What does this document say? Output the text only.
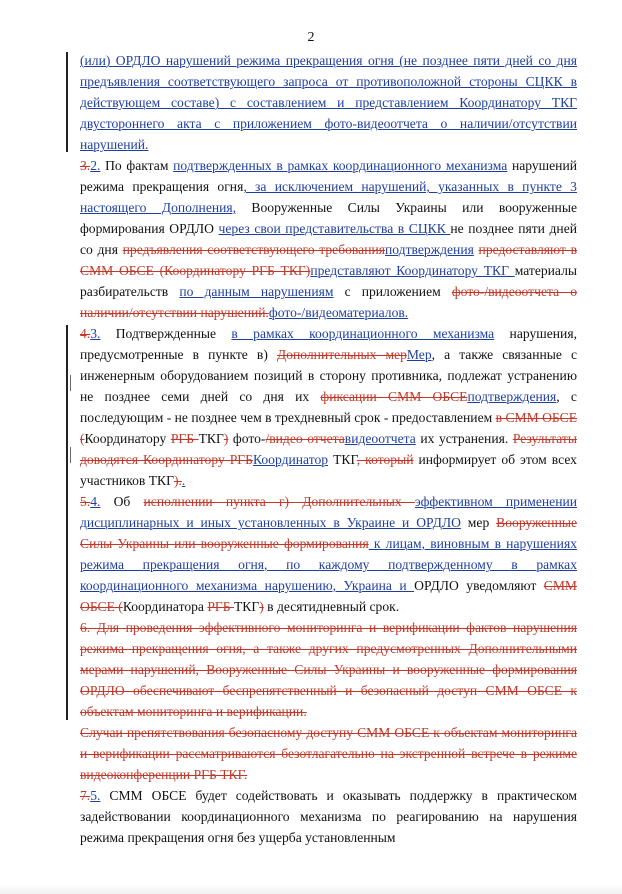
2

(или) ОРДЛО нарушений режима прекращения огня (не позднее пяти дней со дня предъявления соответствующего запроса от противоположной стороны СЦКК в действующем составе) с составлением и представлением Координатору ТКГ двустороннего акта с приложением фото-видеоотчета о наличии/отсутствии нарушений.

3.2. По фактам подтвержденных в рамках координационного механизма нарушений режима прекращения огня, за исключением нарушений, указанных в пункте 3 настоящего Дополнения, Вооруженные Силы Украины или вооруженные формирования ОРДЛО через свои представительства в СЦКК не позднее пяти дней со дня предъявления соответствующего требованияподтверждения предоставляют в СММ ОБСЕ (Координатору РГБ ТКГ)представляют Координатору ТКГ материалы разбирательств по данным нарушениям с приложением фото-/видеоотчета о наличии/отсутствии нарушений.фото-/видеоматериалов.

4.3. Подтвержденные в рамках координационного механизма нарушения, предусмотренные в пункте в) Дополнительных мерМер, а также связанные с инженерным оборудованием позиций в сторону противника, подлежат устранению не позднее семи дней со дня их фиксации СММ ОБСЕподтверждения, с последующим - не позднее чем в трехдневный срок - предоставлением в СММ ОБСЕ (Координатору РГБ ТКГ) фото-/видео отчетавидеоотчета их устранения. Результаты доводятся Координатору РГБКоординатор ТКГ, который информирует об этом всех участников ТКГ)..

5.4. Об исполнении пункта г) Дополнительных эффективном применении дисциплинарных и иных установленных в Украине и ОРДЛО мер Вооруженные Силы Украины или вооруженные формирования к лицам, виновным в нарушениях режима прекращения огня, по каждому подтвержденному в рамках координационного механизма нарушению, Украина и ОРДЛО уведомляют СММ ОБСЕ (Координатора РГБ ТКГ) в десятидневный срок.

6. Для проведения эффективного мониторинга и верификации фактов нарушения режима прекращения огня, а также других предусмотренных Дополнительными мерами нарушений, Вооруженные Силы Украины и вооруженные формирования ОРДЛО обеспечивают беспрепятственный и безопасный доступ СММ ОБСЕ к объектам мониторинга и верификации.

Случаи препятствования безопасному доступу СММ ОБСЕ к объектам мониторинга и верификации рассматриваются безотлагательно на экстренной встрече в режиме видеоконференции РГБ ТКГ.

7.5. СММ ОБСЕ будет содействовать и оказывать поддержку в практическом задействовании координационного механизма по реагированию на нарушения режима прекращения огня без ущерба установленным
